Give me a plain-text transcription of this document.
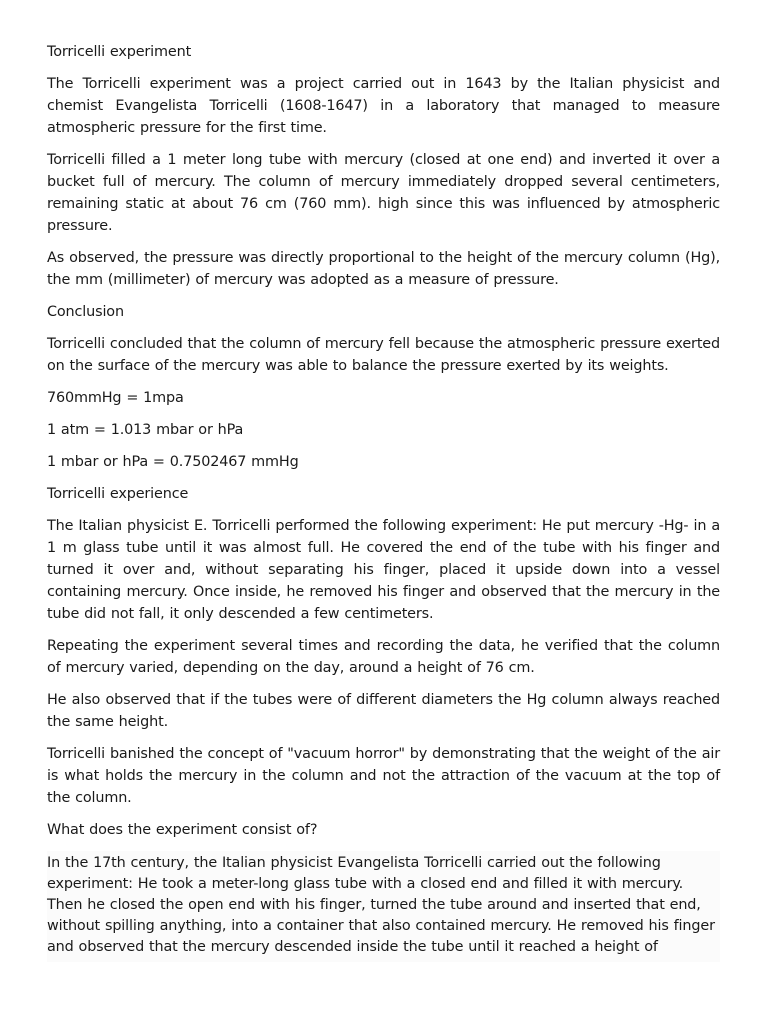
Torricelli experiment

The Torricelli experiment was a project carried out in 1643 by the Italian physicist and chemist Evangelista Torricelli (1608-1647) in a laboratory that managed to measure atmospheric pressure for the first time.

Torricelli filled a 1 meter long tube with mercury (closed at one end) and inverted it over a bucket full of mercury. The column of mercury immediately dropped several centimeters, remaining static at about 76 cm (760 mm). high since this was influenced by atmospheric pressure.

As observed, the pressure was directly proportional to the height of the mercury column (Hg), the mm (millimeter) of mercury was adopted as a measure of pressure.

Conclusion

Torricelli concluded that the column of mercury fell because the atmospheric pressure exerted on the surface of the mercury was able to balance the pressure exerted by its weights.

760mmHg = 1mpa

1 atm = 1.013 mbar or hPa

1 mbar or hPa = 0.7502467 mmHg

Torricelli experience

The Italian physicist E. Torricelli performed the following experiment: He put mercury -Hg- in a 1 m glass tube until it was almost full. He covered the end of the tube with his finger and turned it over and, without separating his finger, placed it upside down into a vessel containing mercury. Once inside, he removed his finger and observed that the mercury in the tube did not fall, it only descended a few centimeters.

Repeating the experiment several times and recording the data, he verified that the column of mercury varied, depending on the day, around a height of 76 cm.

He also observed that if the tubes were of different diameters the Hg column always reached the same height.

Torricelli banished the concept of "vacuum horror" by demonstrating that the weight of the air is what holds the mercury in the column and not the attraction of the vacuum at the top of the column.

What does the experiment consist of?

In the 17th century, the Italian physicist Evangelista Torricelli carried out the following experiment: He took a meter-long glass tube with a closed end and filled it with mercury. Then he closed the open end with his finger, turned the tube around and inserted that end, without spilling anything, into a container that also contained mercury. He removed his finger and observed that the mercury descended inside the tube until it reached a height of
